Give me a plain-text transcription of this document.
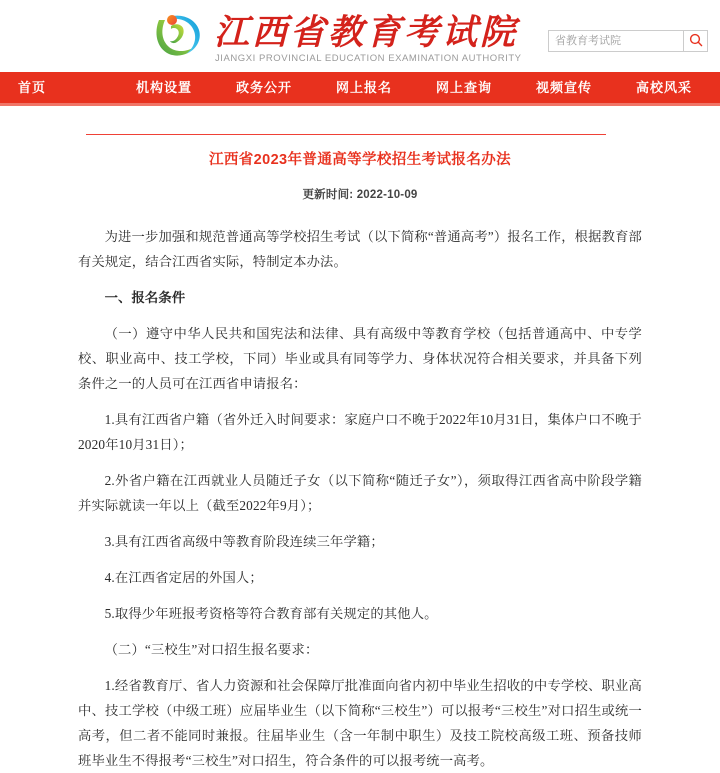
江西省教育考试院
JIANGXI PROVINCIAL EDUCATION EXAMINATION AUTHORITY
省教育考试院
首页	机构设置	政务公开	网上报名	网上查询	视频宣传	高校风采
江西省2023年普通高等学校招生考试报名办法
更新时间: 2022-10-09

为进一步加强和规范普通高等学校招生考试（以下简称“普通高考”）报名工作，根据教育部有关规定，结合江西省实际，特制定本办法。

一、报名条件

（一）遵守中华人民共和国宪法和法律、具有高级中等教育学校（包括普通高中、中专学校、职业高中、技工学校，下同）毕业或具有同等学力、身体状况符合相关要求，并具备下列条件之一的人员可在江西省申请报名：

1.具有江西省户籍（省外迁入时间要求：家庭户口不晚于2022年10月31日，集体户口不晚于2020年10月31日）；

2.外省户籍在江西就业人员随迁子女（以下简称“随迁子女”），须取得江西省高中阶段学籍并实际就读一年以上（截至2022年9月）；

3.具有江西省高级中等教育阶段连续三年学籍；

4.在江西省定居的外国人；

5.取得少年班报考资格等符合教育部有关规定的其他人。

（二）“三校生”对口招生报名要求：

1.经省教育厅、省人力资源和社会保障厅批准面向省内初中毕业生招收的中专学校、职业高中、技工学校（中级工班）应届毕业生（以下简称“三校生”）可以报考“三校生”对口招生或统一高考，但二者不能同时兼报。往届毕业生（含一年制中职生）及技工院校高级工班、预备技师班毕业生不得报考“三校生”对口招生，符合条件的可以报考统一高考。
